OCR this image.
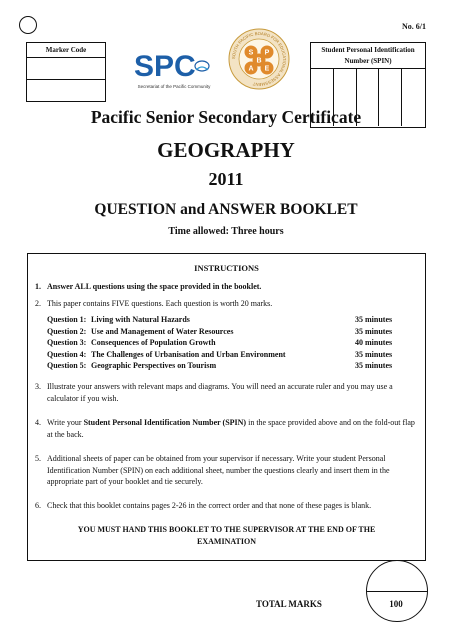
No. 6/1
Marker Code	SPC
Secretariat of the Pacific Community
SOUTH PACIFIC BOARD FOR EDUCATIONAL ASSESSMENT
S P
B
A E
Student Personal Identification Number (SPIN)
Pacific Senior Secondary Certificate
GEOGRAPHY
2011
QUESTION and ANSWER BOOKLET
Time allowed: Three hours
INSTRUCTIONS
1. Answer ALL questions using the space provided in the booklet.
2. This paper contains FIVE questions. Each question is worth 20 marks.
Question 1: Living with Natural Hazards	35 minutes
Question 2: Use and Management of Water Resources	35 minutes
Question 3: Consequences of Population Growth	40 minutes
Question 4: The Challenges of Urbanisation and Urban Environment	35 minutes
Question 5: Geographic Perspectives on Tourism	35 minutes
3. Illustrate your answers with relevant maps and diagrams. You will need an accurate ruler and you may use a calculator if you wish.
4. Write your Student Personal Identification Number (SPIN) in the space provided above and on the fold-out flap at the back.
5. Additional sheets of paper can be obtained from your supervisor if necessary. Write your student Personal Identification Number (SPIN) on each additional sheet, number the questions clearly and insert them in the appropriate part of your booklet and tie securely.
6. Check that this booklet contains pages 2-26 in the correct order and that none of these pages is blank.
YOU MUST HAND THIS BOOKLET TO THE SUPERVISOR AT THE END OF THE
EXAMINATION
TOTAL MARKS	100
